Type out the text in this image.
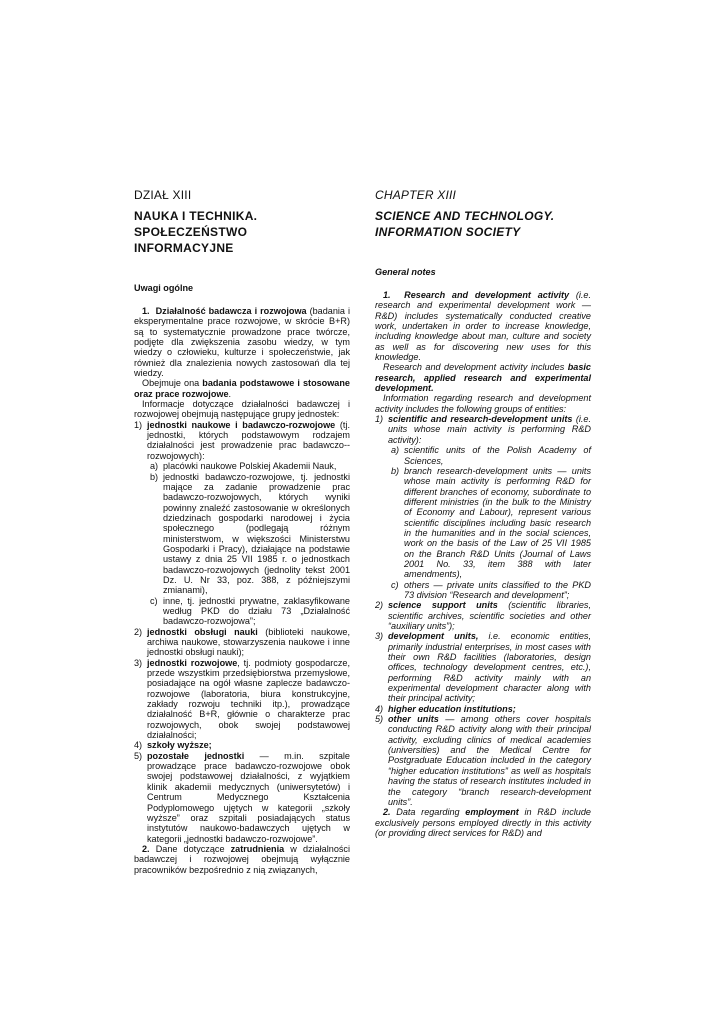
DZIAŁ XIII
NAUKA I TECHNIKA.
SPOŁECZEŃSTWO INFORMACYJNE
Uwagi ogólne

1. Działalność badawcza i rozwojowa (badania i eksperymentalne prace rozwojowe, w skrócie B+R) są to systematycznie prowadzone prace twórcze, podjęte dla zwiększenia zasobu wiedzy, w tym wiedzy o człowieku, kulturze i społeczeństwie, jak również dla znalezienia nowych zastosowań dla tej wiedzy.

Obejmuje ona badania podstawowe i stosowane oraz prace rozwojowe.

Informacje dotyczące działalności badawczej i rozwojowej obejmują następujące grupy jednostek:

1) jednostki naukowe i badawczo-rozwojowe (tj. jednostki, których podstawowym rodzajem działalności jest prowadzenie prac badawczo--rozwojowych):
a) placówki naukowe Polskiej Akademii Nauk,
b) jednostki badawczo-rozwojowe, tj. jednostki mające za zadanie prowadzenie prac badawczo-rozwojowych, których wyniki powinny znaleźć zastosowanie w określonych dziedzinach gospodarki narodowej i życia społecznego (podlegają różnym ministerstwom, w większości Ministerstwu Gospodarki i Pracy), działające na podstawie ustawy z dnia 25 VII 1985 r. o jednostkach badawczo-rozwojowych (jednolity tekst 2001 Dz. U. Nr 33, poz. 388, z późniejszymi zmianami),
c) inne, tj. jednostki prywatne, zaklasyfikowane według PKD do działu 73 „Działalność badawczo-rozwojowa”;
2) jednostki obsługi nauki (biblioteki naukowe, archiwa naukowe, stowarzyszenia naukowe i inne jednostki obsługi nauki);
3) jednostki rozwojowe, tj. podmioty gospodarcze, przede wszystkim przedsiębiorstwa przemysłowe, posiadające na ogół własne zaplecze badawczo-rozwojowe (laboratoria, biura konstrukcyjne, zakłady rozwoju techniki itp.), prowadzące działalność B+R, głównie o charakterze prac rozwojowych, obok swojej podstawowej działalności;
4) szkoły wyższe;
5) pozostałe jednostki — m.in. szpitale prowadzące prace badawczo-rozwojowe obok swojej podstawowej działalności, z wyjątkiem klinik akademii medycznych (uniwersytetów) i Centrum Medycznego Kształcenia Podyplomowego ujętych w kategorii „szkoły wyższe” oraz szpitali posiadających status instytutów naukowo-badawczych ujętych w kategorii „jednostki badawczo-rozwojowe”.

2. Dane dotyczące zatrudnienia w działalności badawczej i rozwojowej obejmują wyłącznie pracowników bezpośrednio z nią związanych,

CHAPTER XIII
SCIENCE AND TECHNOLOGY.
INFORMATION SOCIETY
General notes

1. Research and development activity (i.e. research and experimental development work — R&D) includes systematically conducted creative work, undertaken in order to increase knowledge, including knowledge about man, culture and society as well as for discovering new uses for this knowledge.

Research and development activity includes basic research, applied research and experimental development.

Information regarding research and development activity includes the following groups of entities:

1) scientific and research-development units (i.e. units whose main activity is performing R&D activity):
a) scientific units of the Polish Academy of Sciences,
b) branch research-development units — units whose main activity is performing R&D for different branches of economy, subordinate to different ministries (in the bulk to the Ministry of Economy and Labour), represent various scientific disciplines including basic research in the humanities and in the social sciences, work on the basis of the Law of 25 VII 1985 on the Branch R&D Units (Journal of Laws 2001 No. 33, item 388 with later amendments),
c) others — private units classified to the PKD 73 division “Research and development”;
2) science support units (scientific libraries, scientific archives, scientific societies and other “auxiliary units”);
3) development units, i.e. economic entities, primarily industrial enterprises, in most cases with their own R&D facilities (laboratories, design offices, technology development centres, etc.), performing R&D activity mainly with an experimental development character along with their principal activity;
4) higher education institutions;
5) other units — among others cover hospitals conducting R&D activity along with their principal activity, excluding clinics of medical academies (universities) and the Medical Centre for Postgraduate Education included in the category “higher education institutions” as well as hospitals having the status of research institutes included in the category “branch research-development units”.

2. Data regarding employment in R&D include exclusively persons employed directly in this activity (or providing direct services for R&D) and
